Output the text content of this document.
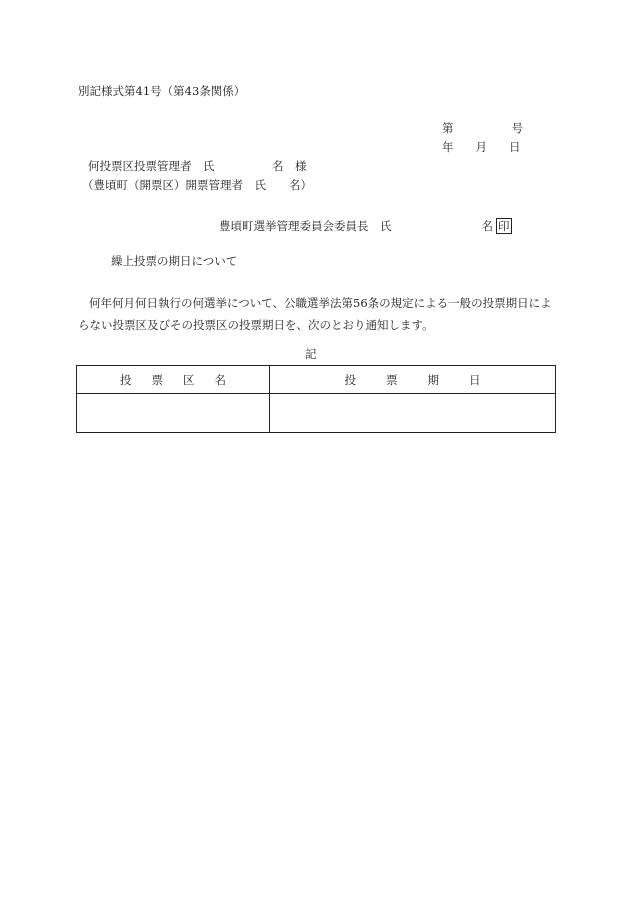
別記様式第41号（第43条関係）
第	号
年 月 日
何投票区投票管理者　氏　　　　　名　様
（豊頃町（開票区）開票管理者　氏　　名）
豊頃町選挙管理委員会委員長　氏	名 印
繰上投票の期日について
何年何月何日執行の何選挙について、公職選挙法第56条の規定による一般の投票期日によらない投票区及びその投票区の投票期日を、次のとおり通知します。
記
投票区名	投票期日
